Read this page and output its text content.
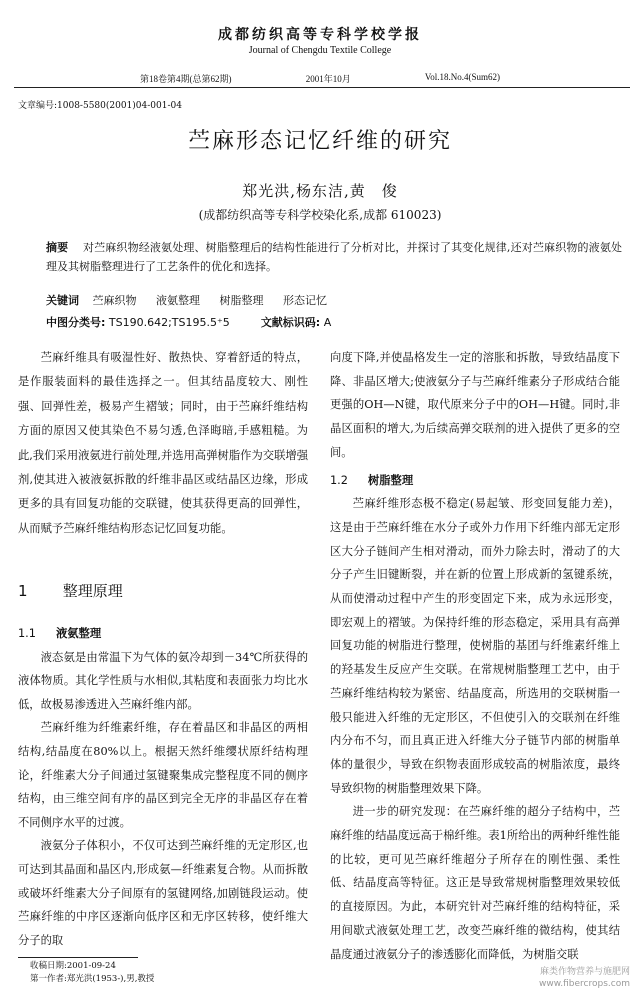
成都纺织高等专科学校学报
Journal of Chengdu Textile College
第18卷第4期(总第62期)	2001年10月	Vol.18.No.4(Sum62)
文章编号:1008-5580(2001)04-001-04
苎麻形态记忆纤维的研究
郑光洪,杨东洁,黄　俊
(成都纺织高等专科学校染化系,成都 610023)
摘要 对苎麻织物经液氨处理、树脂整理后的结构性能进行了分析对比，并探讨了其变化规律,还对苎麻织物的液氨处理及其树脂整理进行了工艺条件的优化和选择。
关键词 苎麻织物 液氨整理 树脂整理 形态记忆
中图分类号: TS190.642;TS195.5⁺5	文献标识码: A

苎麻纤维具有吸湿性好、散热快、穿着舒适的特点，是作服装面料的最佳选择之一。但其结晶度较大、刚性强、回弹性差，极易产生褶皱；同时，由于苎麻纤维结构方面的原因又使其染色不易匀透,色泽晦暗,手感粗糙。为此,我们采用液氨进行前处理,并选用高弹树脂作为交联增强剂,使其进入被液氨拆散的纤维非晶区或结晶区边缘，形成更多的具有回复功能的交联键，使其获得更高的回弹性，从而赋予苎麻纤维结构形态记忆回复功能。

1 整理原理
1.1 液氨整理

液态氨是由常温下为气体的氨冷却到－34℃所获得的液体物质。其化学性质与水相似,其粘度和表面张力均比水低，故极易渗透进入苎麻纤维内部。

苎麻纤维为纤维素纤维，存在着晶区和非晶区的两相结构,结晶度在80%以上。根据天然纤维缨状原纤结构理论，纤维素大分子间通过氢键聚集成完整程度不同的侧序结构，由三维空间有序的晶区到完全无序的非晶区存在着不同侧序水平的过渡。

液氨分子体积小，不仅可达到苎麻纤维的无定形区,也可达到其晶面和晶区内,形成氨—纤维素复合物。从而拆散或破坏纤维素大分子间原有的氢键网络,加剧链段运动。使苎麻纤维的中序区逐渐向低序区和无序区转移，使纤维大分子的取

向度下降,并使晶格发生一定的溶胀和拆散，导致结晶度下降、非晶区增大;使液氨分子与苎麻纤维素分子形成结合能更强的OH—N键，取代原来分子中的OH—H键。同时,非晶区面积的增大,为后续高弹交联剂的进入提供了更多的空间。

1.2 树脂整理

苎麻纤维形态极不稳定(易起皱、形变回复能力差)，这是由于苎麻纤维在水分子或外力作用下纤维内部无定形区大分子链间产生相对滑动，而外力除去时，滑动了的大分子产生旧键断裂，并在新的位置上形成新的氢键系统，从而使滑动过程中产生的形变固定下来，成为永远形变，即宏观上的褶皱。为保持纤维的形态稳定，采用具有高弹回复功能的树脂进行整理，使树脂的基团与纤维素纤维上的羟基发生反应产生交联。在常规树脂整理工艺中，由于苎麻纤维结构较为紧密、结晶度高，所选用的交联树脂一般只能进入纤维的无定形区，不但使引入的交联剂在纤维内分布不匀，而且真正进入纤维大分子链节内部的树脂单体的量很少，导致在织物表面形成较高的树脂浓度，最终导致织物的树脂整理效果下降。

进一步的研究发现：在苎麻纤维的超分子结构中，苎麻纤维的结晶度远高于棉纤维。表1所给出的两种纤维性能的比较，更可见苎麻纤维超分子所存在的刚性强、柔性低、结晶度高等特征。这正是导致常规树脂整理效果较低的直接原因。为此，本研究针对苎麻纤维的结构特征，采用间歇式液氨处理工艺，改变苎麻纤维的微结构，使其结晶度通过液氨分子的渗透膨化而降低，为树脂交联

收稿日期:2001-09-24
第一作者:郑光洪(1953-),男,教授
麻类作物营养与施肥网
www.fibercrops.com
